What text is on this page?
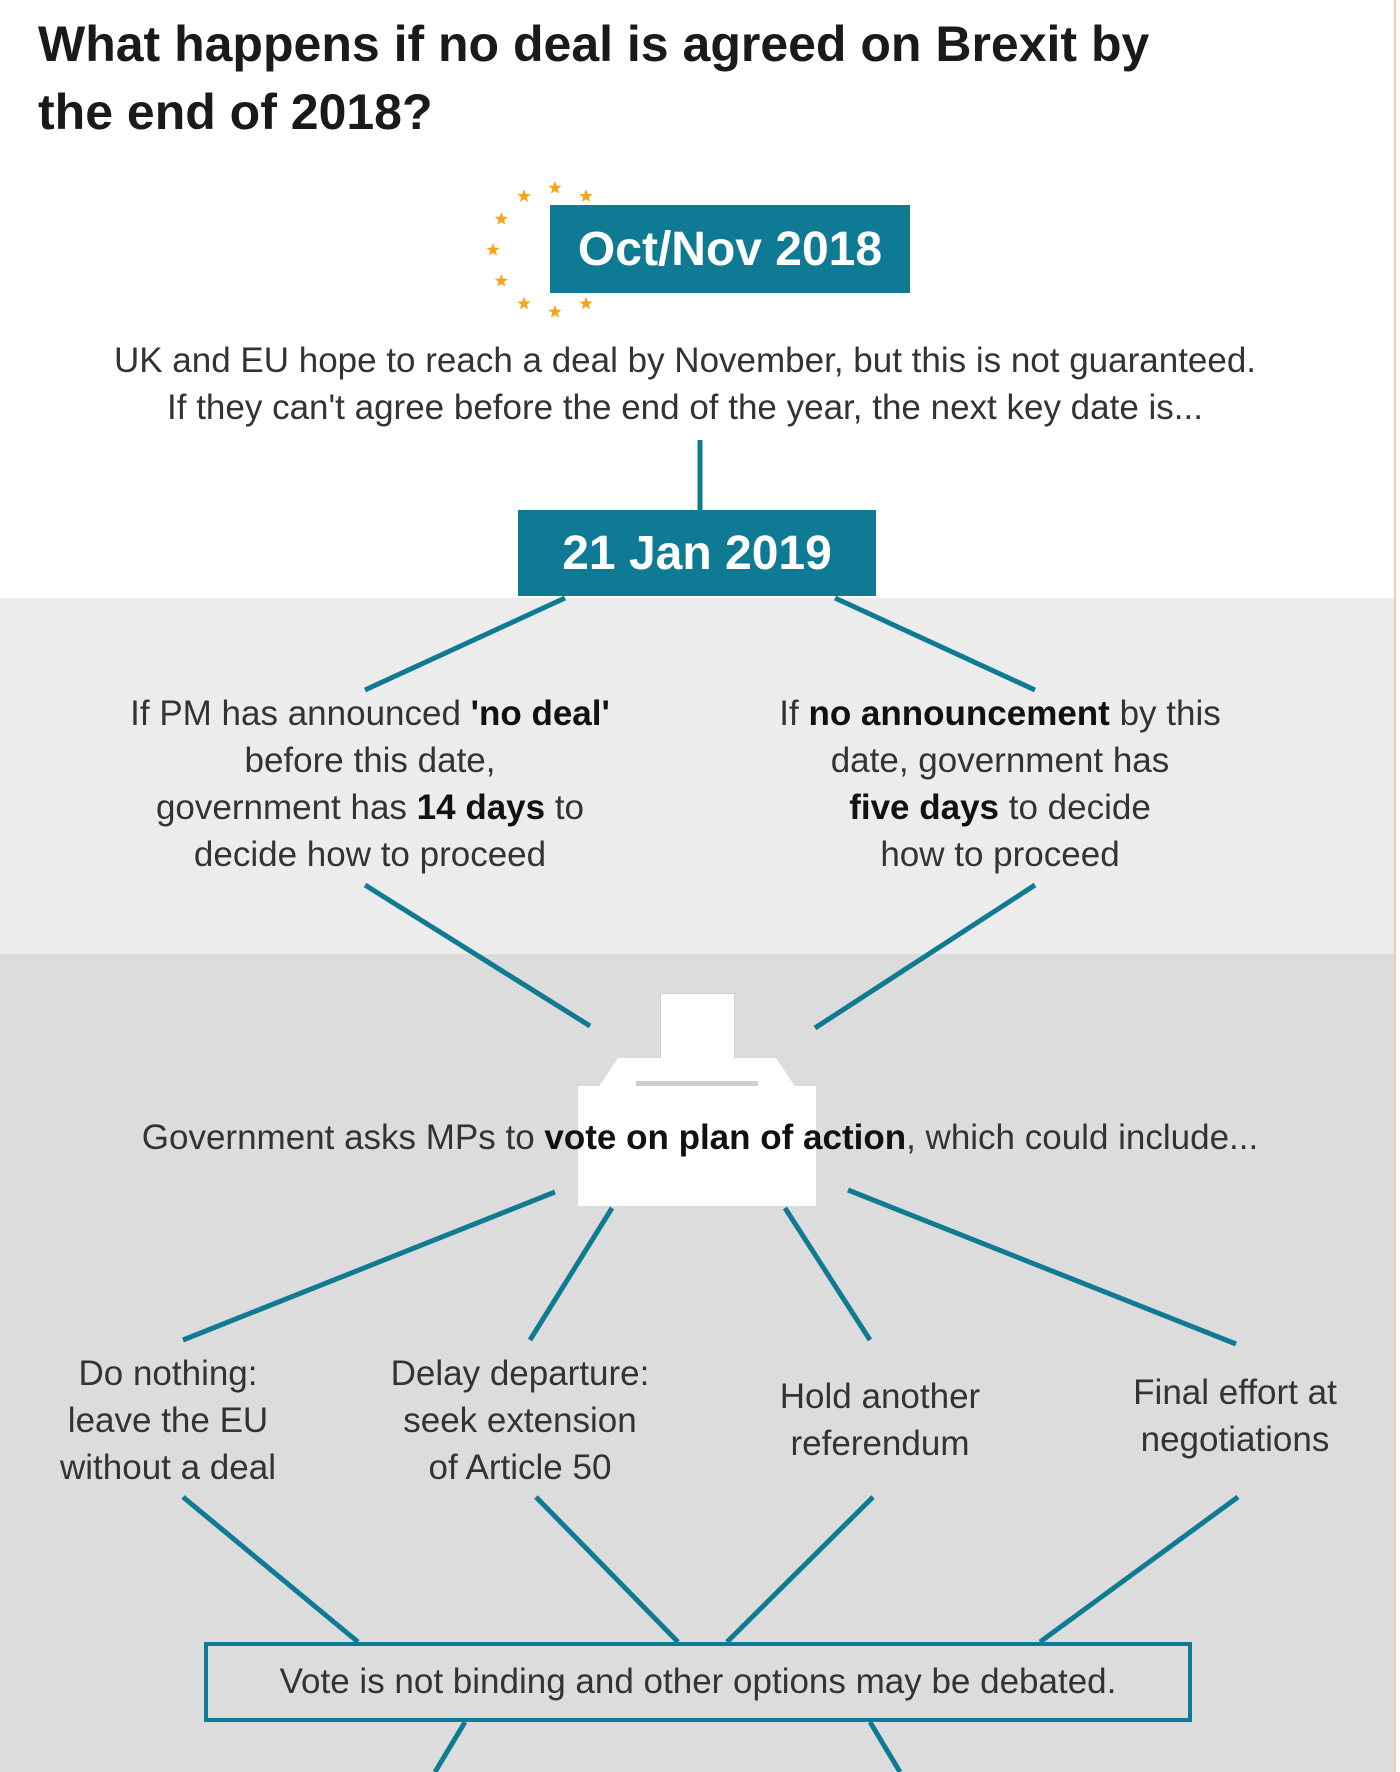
What happens if no deal is agreed on Brexit by the end of 2018?
Oct/Nov 2018
UK and EU hope to reach a deal by November, but this is not guaranteed.
If they can't agree before the end of the year, the next key date is...
21 Jan 2019
If PM has announced 'no deal'
before this date,
government has 14 days to
decide how to proceed
If no announcement by this
date, government has
five days to decide
how to proceed
Government asks MPs to vote on plan of action, which could include...
Do nothing:
leave the EU
without a deal
Delay departure:
seek extension
of Article 50
Hold another
referendum
Final effort at
negotiations
Vote is not binding and other options may be debated.
